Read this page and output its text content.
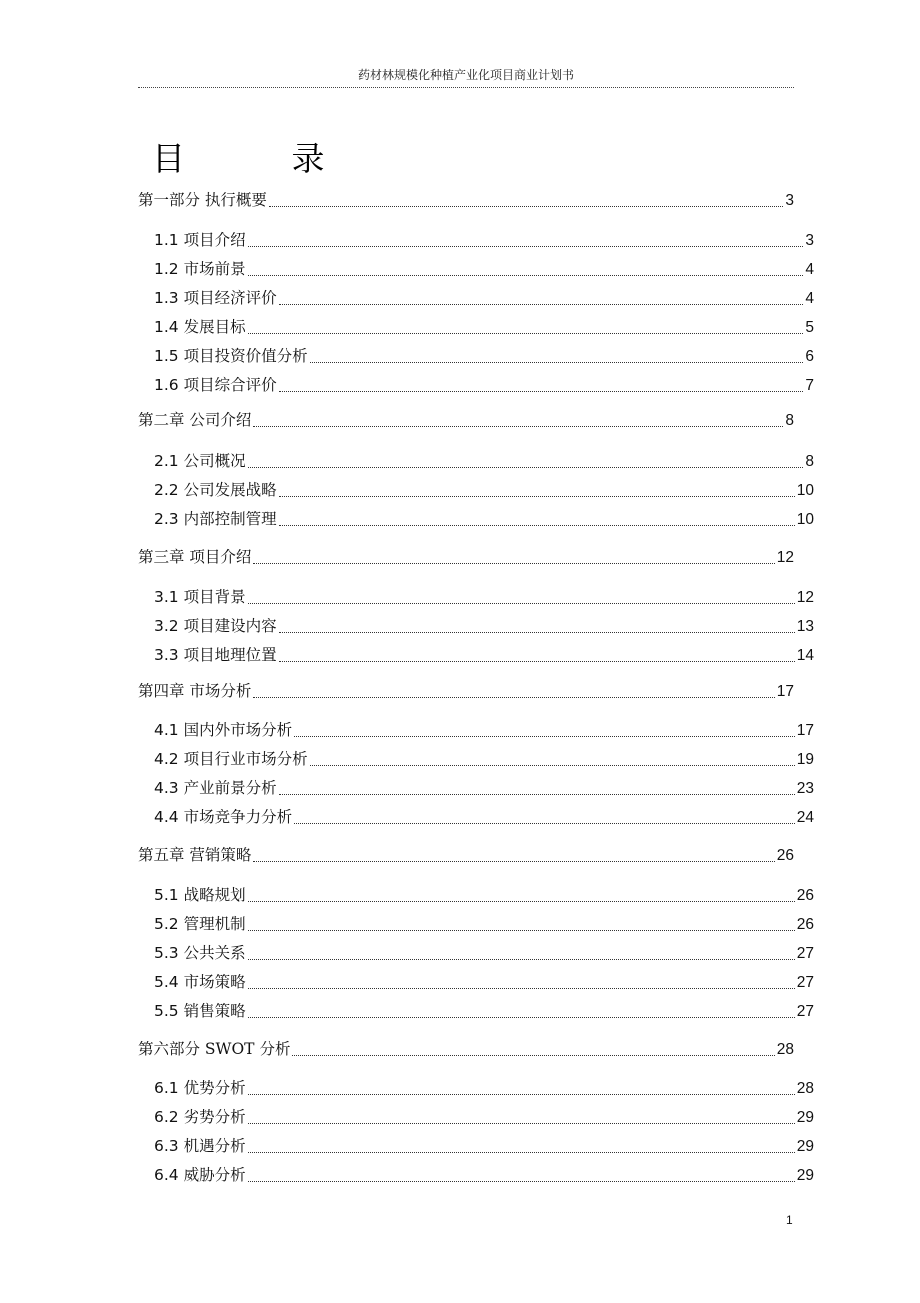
药材林规模化种植产业化项目商业计划书
目 录
第一部分 执行概要	3
1.1 项目介绍	3
1.2 市场前景	4
1.3 项目经济评价	4
1.4 发展目标	5
1.5 项目投资价值分析	6
1.6 项目综合评价	7
第二章 公司介绍	8
2.1 公司概况	8
2.2 公司发展战略	10
2.3 内部控制管理	10
第三章 项目介绍	12
3.1 项目背景	12
3.2 项目建设内容	13
3.3 项目地理位置	14
第四章 市场分析	17
4.1 国内外市场分析	17
4.2 项目行业市场分析	19
4.3 产业前景分析	23
4.4 市场竞争力分析	24
第五章 营销策略	26
5.1 战略规划	26
5.2 管理机制	26
5.3 公共关系	27
5.4 市场策略	27
5.5 销售策略	27
第六部分 SWOT 分析	28
6.1 优势分析	28
6.2 劣势分析	29
6.3 机遇分析	29
6.4 威胁分析	29
1
